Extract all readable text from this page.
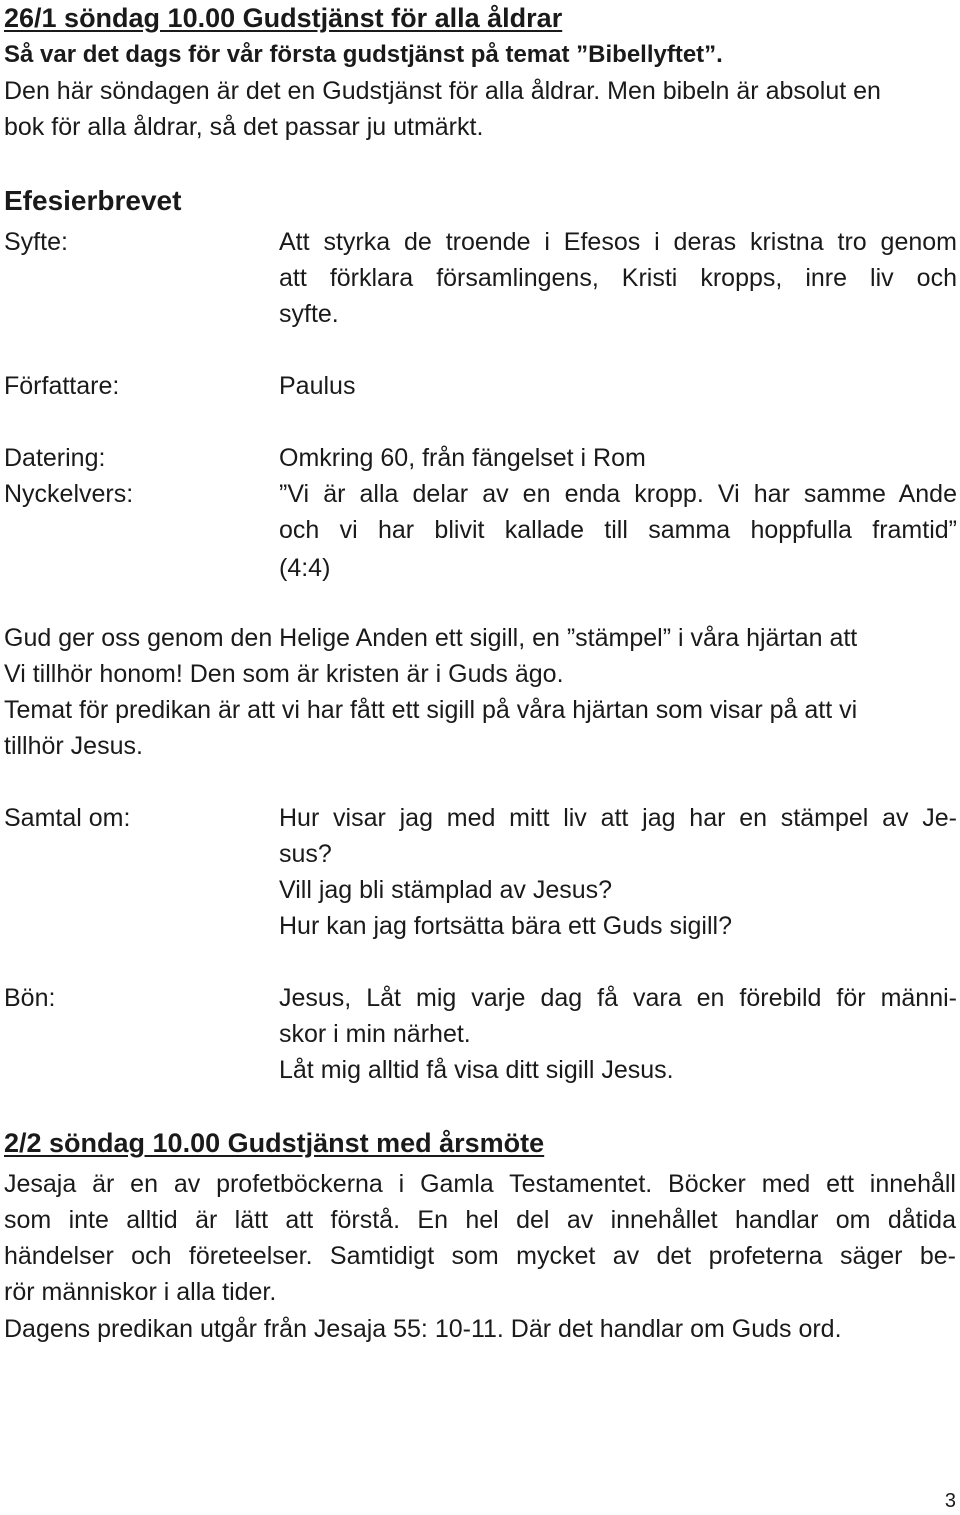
26/1 söndag 10.00 Gudstjänst för alla åldrar
Så var det dags för vår första gudstjänst på temat ”Bibellyftet”.
Den här söndagen är det en Gudstjänst för alla åldrar. Men bibeln är absolut en
bok för alla åldrar, så det passar ju utmärkt.
Efesierbrevet
Syfte:	Att styrka de troende i Efesos i deras kristna tro genom
att förklara församlingens, Kristi kropps, inre liv och
syfte.
Författare:	Paulus
Datering:	Omkring 60, från fängelset i Rom
Nyckelvers:	”Vi är alla delar av en enda kropp. Vi har samme Ande
och vi har blivit kallade till samma hoppfulla framtid”
(4:4)
Gud ger oss genom den Helige Anden ett sigill, en ”stämpel” i våra hjärtan att
Vi tillhör honom! Den som är kristen är i Guds ägo.
Temat för predikan är att vi har fått ett sigill på våra hjärtan som visar på att vi
tillhör Jesus.
Samtal om:	Hur visar jag med mitt liv att jag har en stämpel av Je-
sus?
Vill jag bli stämplad av Jesus?
Hur kan jag fortsätta bära ett Guds sigill?
Bön:	Jesus, Låt mig varje dag få vara en förebild för männi-
skor i min närhet.
Låt mig alltid få visa ditt sigill Jesus.
2/2 söndag 10.00 Gudstjänst med årsmöte
Jesaja är en av profetböckerna i Gamla Testamentet. Böcker med ett innehåll
som inte alltid är lätt att förstå. En hel del av innehållet handlar om dåtida
händelser och företeelser. Samtidigt som mycket av det profeterna säger be-
rör människor i alla tider.
Dagens predikan utgår från Jesaja 55: 10-11. Där det handlar om Guds ord.
3
